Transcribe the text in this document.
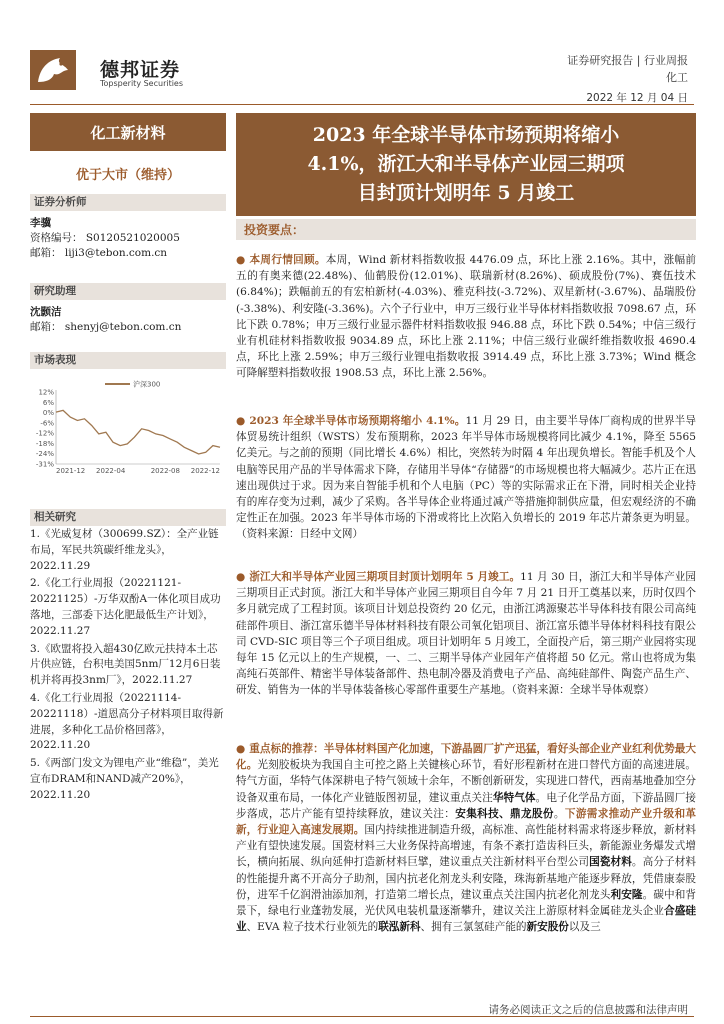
德邦证券
Topsperity Securities
证券研究报告 | 行业周报
化工
2022 年 12 月 04 日
化工新材料
优于大市（维持）
证券分析师
李骥
资格编号： S0120521020005
邮箱： liji3@tebon.com.cn
研究助理
沈颢洁
邮箱： shenyj@tebon.com.cn
市场表现
12%
6%
0%
-6%
-12%
-18%
-24%
-31%
2021-12 2022-04	2022-08 2022-12
沪深300
相关研究
1.《光威复材（300699.SZ）：全产业链布局，军民共筑碳纤维龙头》，2022.11.29
2.《化工行业周报（20221121-20221125）-万华双酚A一体化项目成功落地，三部委下达化肥最低生产计划》，2022.11.27
3.《欧盟将投入超430亿欧元扶持本土芯片供应链，台积电美国5nm厂12月6日装机并将再投3nm厂》，2022.11.27
4.《化工行业周报（20221114-20221118）-道恩高分子材料项目取得新进展，多种化工品价格回落》，2022.11.20
5.《两部门发文为锂电产业“维稳”，美光宣布DRAM和NAND减产20%》，2022.11.20
2023 年全球半导体市场预期将缩小
4.1%，浙江大和半导体产业园三期项
目封顶计划明年 5 月竣工
投资要点：
● 本周行情回顾。本周，Wind 新材料指数收报 4476.09 点，环比上涨 2.16%。其中，涨幅前五的有奥来德(22.48%)、仙鹤股份(12.01%)、联瑞新材(8.26%)、硕成股份(7%)、赛伍技术(6.84%)；跌幅前五的有宏柏新材(-4.03%)、雅克科技(-3.72%)、双星新材(-3.67%)、晶瑞股份(-3.38%)、利安隆(-3.36%)。六个子行业中，申万三级行业半导体材料指数收报 7098.67 点，环比下跌 0.78%；申万三级行业显示器件材料指数收报 946.88 点，环比下跌 0.54%；中信三级行业有机硅材料指数收报 9034.89 点，环比上涨 2.11%；中信三级行业碳纤维指数收报 4690.4 点，环比上涨 2.59%；申万三级行业锂电指数收报 3914.49 点，环比上涨 3.73%；Wind 概念可降解塑料指数收报 1908.53 点，环比上涨 2.56%。
● 2023 年全球半导体市场预期将缩小 4.1%。11 月 29 日，由主要半导体厂商构成的世界半导体贸易统计组织（WSTS）发布预期称，2023 年半导体市场规模将同比减少 4.1%，降至 5565 亿美元。与之前的预期（同比增长 4.6%）相比，突然转为时隔 4 年出现负增长。智能手机及个人电脑等民用产品的半导体需求下降，存储用半导体“存储器”的市场规模也将大幅减少。芯片正在迅速出现供过于求。因为来自智能手机和个人电脑（PC）等的实际需求正在下滑，同时相关企业持有的库存变为过剩，减少了采购。各半导体企业将通过减产等措施抑制供应量，但宏观经济的不确定性正在加强。2023 年半导体市场的下滑或将比上次陷入负增长的 2019 年芯片萧条更为明显。（资料来源：日经中文网）
● 浙江大和半导体产业园三期项目封顶计划明年 5 月竣工。11 月 30 日，浙江大和半导体产业园三期项目正式封顶。浙江大和半导体产业园三期项目自今年 7 月 21 日开工奠基以来，历时仅四个多月就完成了工程封顶。该项目计划总投资约 20 亿元，由浙江鸿源聚芯半导体科技有限公司高纯硅部件项目、浙江富乐德半导体材料科技有限公司氧化铝项目、浙江富乐德半导体材料科技有限公司 CVD-SIC 项目等三个子项目组成。项目计划明年 5 月竣工，全面投产后，第三期产业园将实现每年 15 亿元以上的生产规模，一、二、三期半导体产业园年产值将超 50 亿元。常山也将成为集高纯石英部件、精密半导体装备部件、热电制冷器及消费电子产品、高纯硅部件、陶瓷产品生产、研发、销售为一体的半导体装备核心零部件重要生产基地。（资料来源：全球半导体观察）
● 重点标的推荐：半导体材料国产化加速，下游晶圆厂扩产迅猛，看好头部企业产业红利优势最大化。光刻胶板块为我国自主可控之路上关键核心环节，看好形程新材在进口替代方面的高速进展。特气方面，华特气体深耕电子特气领域十余年，不断创新研发，实现进口替代，西南基地叠加空分设备双重布局，一体化产业链版图初显，建议重点关注华特气体。电子化学品方面，下游晶圆厂接步落成，芯片产能有望持续释放，建议关注：安集科技、鼎龙股份。下游需求推动产业升级和革新，行业迎入高速发展期。国内持续推进制造升级，高标准、高性能材料需求将逐步释放，新材料产业有望快速发展。国瓷材料三大业务保持高增速，有条不紊打造齿科巨头，新能源业务爆发式增长，横向拓展、纵向延伸打造新材料巨擘，建议重点关注新材料平台型公司国瓷材料。高分子材料的性能提升离不开高分子助剂，国内抗老化剂龙头利安隆，珠海新基地产能逐步释放，凭借康泰股份，进军千亿润滑油添加剂，打造第二增长点，建议重点关注国内抗老化剂龙头利安隆。碳中和背景下，绿电行业蓬勃发展，光伏风电装机量逐渐攀升，建议关注上游原材料金属硅龙头企业合盛硅业、EVA 粒子技术行业领先的联泓新科、拥有三氯氢硅产能的新安股份以及三
请务必阅读正文之后的信息披露和法律声明
